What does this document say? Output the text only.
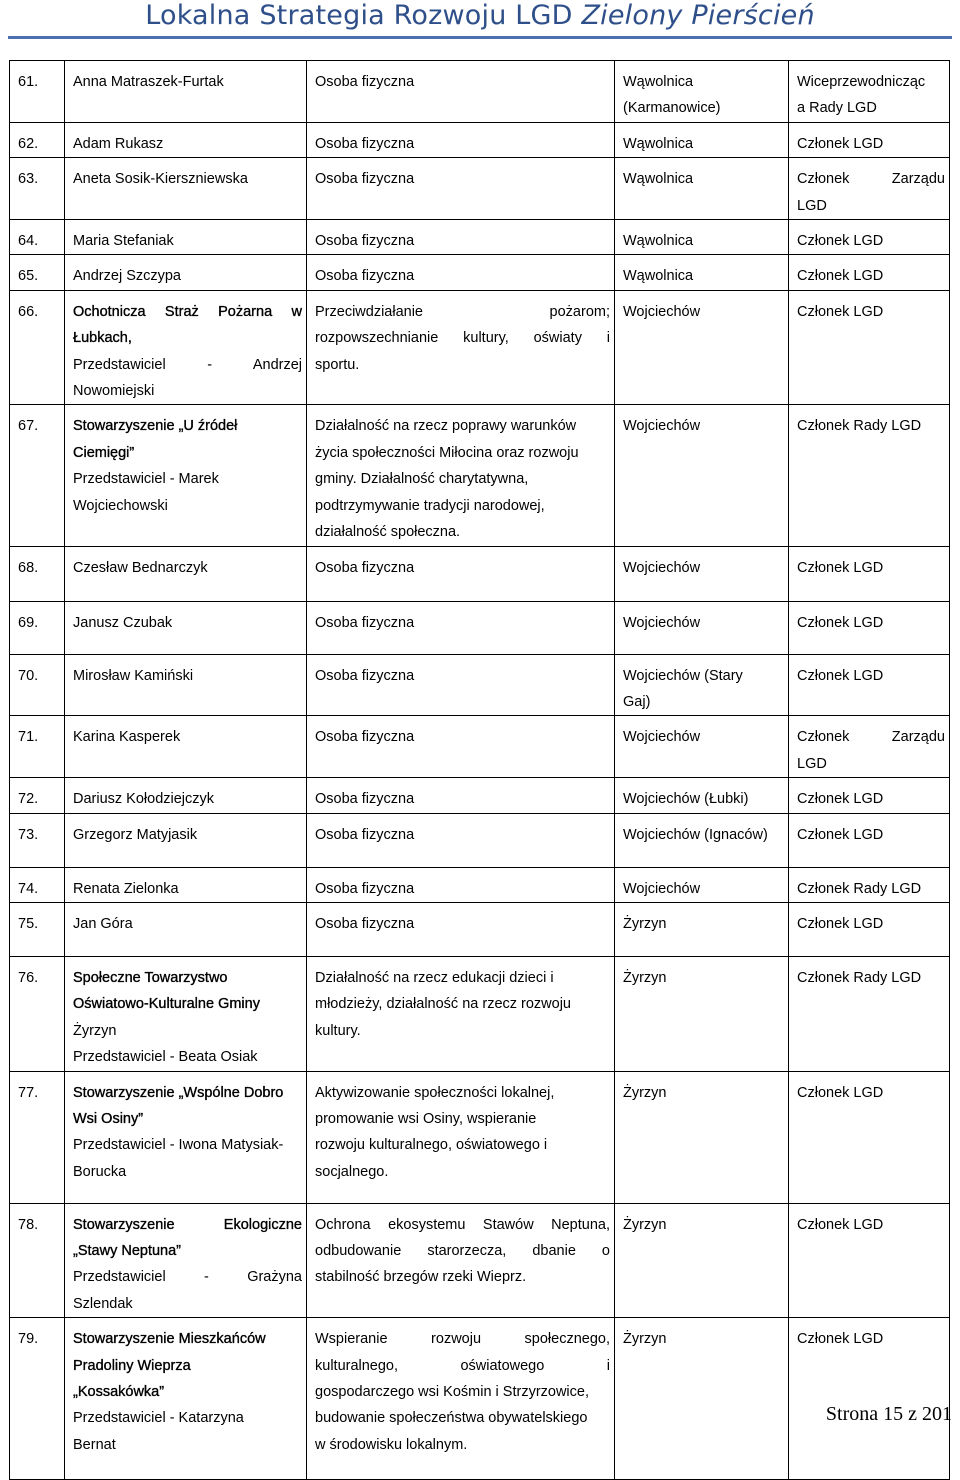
Lokalna Strategia Rozwoju LGD Zielony Pierścień
61.	Anna Matraszek-Furtak	Osoba fizyczna	Wąwolnica
(Karmanowice)	Wiceprzewodnicząc
a Rady LGD

62.	Adam Rukasz	Osoba fizyczna	Wąwolnica	Członek LGD

63.	Aneta Sosik-Kierszniewska	Osoba fizyczna	Wąwolnica	Członek Zarządu
LGD

64.	Maria Stefaniak	Osoba fizyczna	Wąwolnica	Członek LGD

65.	Andrzej Szczypa	Osoba fizyczna	Wąwolnica	Członek LGD

66.	Ochotnicza Straż Pożarna w
Łubkach,
Przedstawiciel - Andrzej
Nowomiejski	Przeciwdziałanie pożarom;
rozpowszechnianie kultury, oświaty i
sportu.	Wojciechów	Członek LGD

67.	Stowarzyszenie „U źródeł
Ciemięgi”
Przedstawiciel - Marek
Wojciechowski	Działalność na rzecz poprawy warunków
życia społeczności Miłocina oraz rozwoju
gminy. Działalność charytatywna,
podtrzymywanie tradycji narodowej,
działalność społeczna.	Wojciechów	Członek Rady LGD

68.	Czesław Bednarczyk	Osoba fizyczna	Wojciechów	Członek LGD

69.	Janusz Czubak	Osoba fizyczna	Wojciechów	Członek LGD

70.	Mirosław Kamiński	Osoba fizyczna	Wojciechów (Stary
Gaj)	Członek LGD

71.	Karina Kasperek	Osoba fizyczna	Wojciechów	Członek Zarządu
LGD

72.	Dariusz Kołodziejczyk	Osoba fizyczna	Wojciechów (Łubki)	Członek LGD

73.	Grzegorz Matyjasik	Osoba fizyczna	Wojciechów (Ignaców)	Członek LGD

74.	Renata Zielonka	Osoba fizyczna	Wojciechów	Członek Rady LGD

75.	Jan Góra	Osoba fizyczna	Żyrzyn	Członek LGD

76.	Społeczne Towarzystwo
Oświatowo-Kulturalne Gminy
Żyrzyn
Przedstawiciel - Beata Osiak	Działalność na rzecz edukacji dzieci i
młodzieży, działalność na rzecz rozwoju
kultury.	Żyrzyn	Członek Rady LGD

77.	Stowarzyszenie „Wspólne Dobro
Wsi Osiny”
Przedstawiciel - Iwona Matysiak-
Borucka	Aktywizowanie społeczności lokalnej,
promowanie wsi Osiny, wspieranie
rozwoju kulturalnego, oświatowego i
socjalnego.	Żyrzyn	Członek LGD

78.	Stowarzyszenie Ekologiczne
„Stawy Neptuna”
Przedstawiciel - Grażyna
Szlendak	Ochrona ekosystemu Stawów Neptuna,
odbudowanie starorzecza, dbanie o
stabilność brzegów rzeki Wieprz.	Żyrzyn	Członek LGD

79.	Stowarzyszenie Mieszkańców
Pradoliny Wieprza
„Kossakówka”
Przedstawiciel - Katarzyna
Bernat	Wspieranie rozwoju społecznego,
kulturalnego, oświatowego i
gospodarczego wsi Kośmin i Strzyrzowice,
budowanie społeczeństwa obywatelskiego
w środowisku lokalnym.	Żyrzyn	Członek LGD
Strona 15 z 201
